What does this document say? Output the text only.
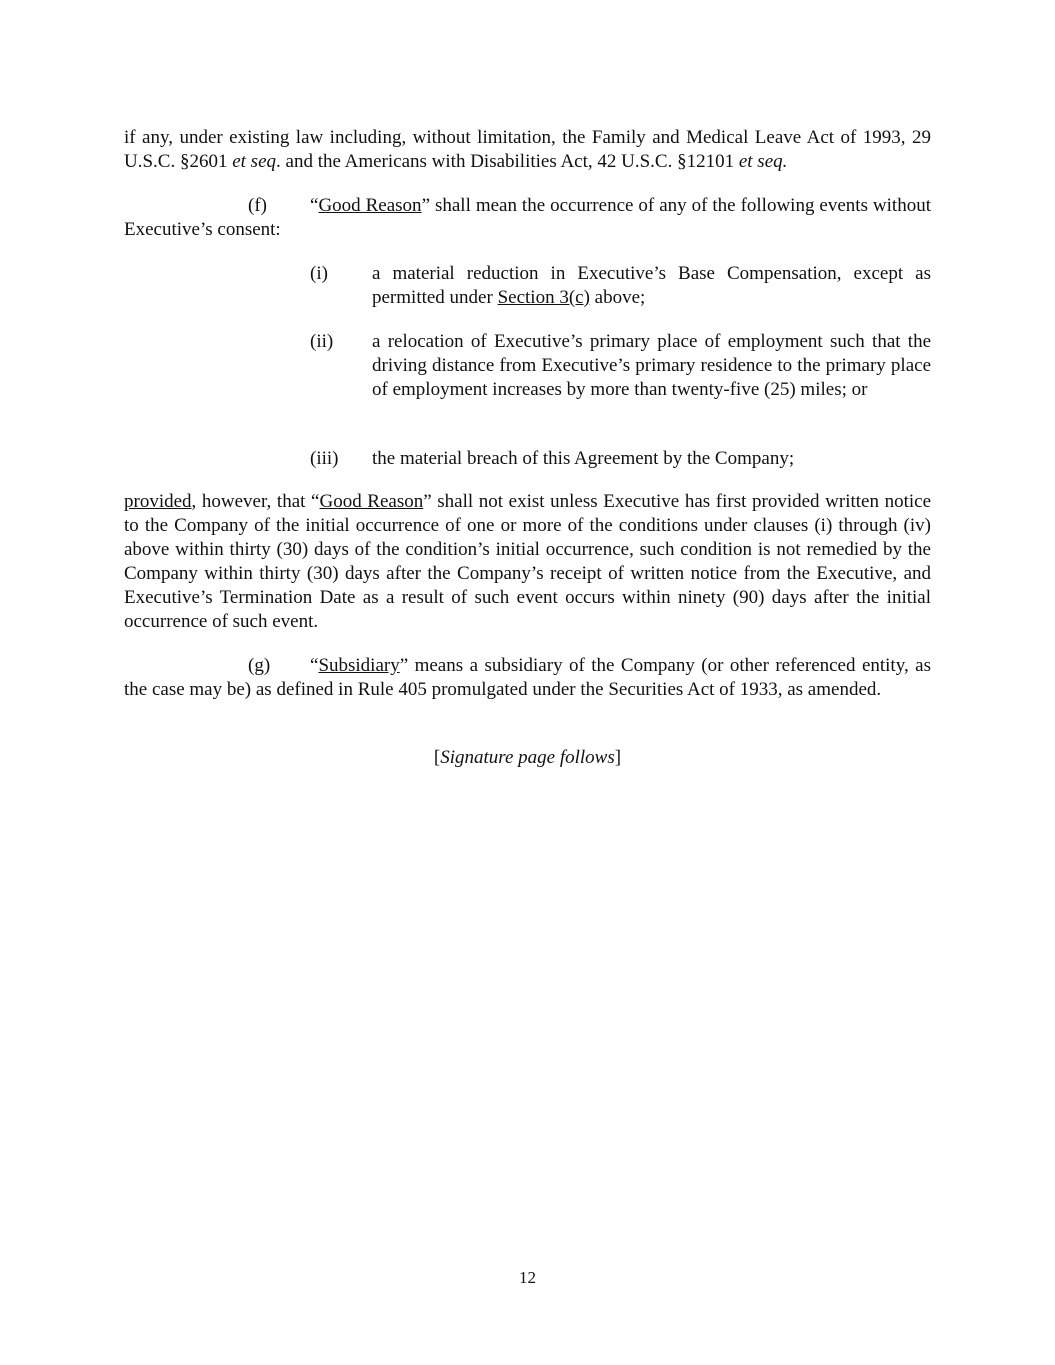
if any, under existing law including, without limitation, the Family and Medical Leave Act of 1993, 29 U.S.C. §2601 et seq. and the Americans with Disabilities Act, 42 U.S.C. §12101 et seq.

(f) “Good Reason” shall mean the occurrence of any of the following events without Executive’s consent:

(i)	a material reduction in Executive’s Base Compensation, except as permitted under Section 3(c) above;
(ii)	a relocation of Executive’s primary place of employment such that the driving distance from Executive’s primary residence to the primary place of employment increases by more than twenty-five (25) miles; or
(iii)	the material breach of this Agreement by the Company;

provided, however, that “Good Reason” shall not exist unless Executive has first provided written notice to the Company of the initial occurrence of one or more of the conditions under clauses (i) through (iv) above within thirty (30) days of the condition’s initial occurrence, such condition is not remedied by the Company within thirty (30) days after the Company’s receipt of written notice from the Executive, and Executive’s Termination Date as a result of such event occurs within ninety (90) days after the initial occurrence of such event.

(g) “Subsidiary” means a subsidiary of the Company (or other referenced entity, as the case may be) as defined in Rule 405 promulgated under the Securities Act of 1933, as amended.

[Signature page follows]

12
